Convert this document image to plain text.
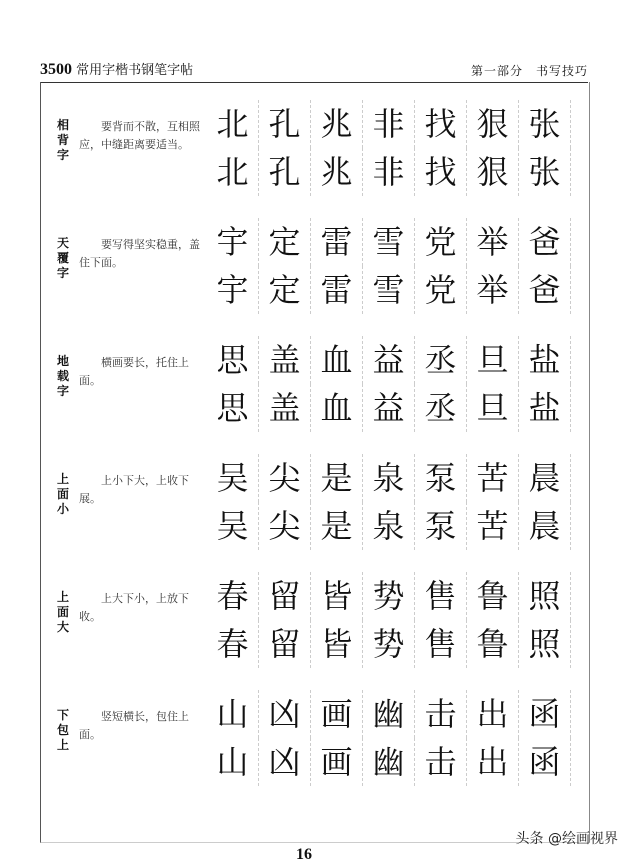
3500 常用字楷书钢笔字帖	第一部分　书写技巧
相背字
要背而不散，互相照应，中缝距离要适当。
北 孔 兆 非 找 狠 张
北 孔 兆 非 找 狠 张
天覆字
要写得坚实稳重，盖住下面。
宇 定 雷 雪 党 举 爸
宇 定 雷 雪 党 举 爸
地载字
横画要长，托住上面。
思 盖 血 益 丞 旦 盐
思 盖 血 益 丞 旦 盐
上面小
上小下大，上收下展。
吴 尖 是 泉 泵 苦 晨
吴 尖 是 泉 泵 苦 晨
上面大
上大下小，上放下收。
春 留 皆 势 售 鲁 照
春 留 皆 势 售 鲁 照
下包上
竖短横长，包住上面。
山 凶 画 幽 击 出 函
山 凶 画 幽 击 出 函
16
头条 @绘画视界
